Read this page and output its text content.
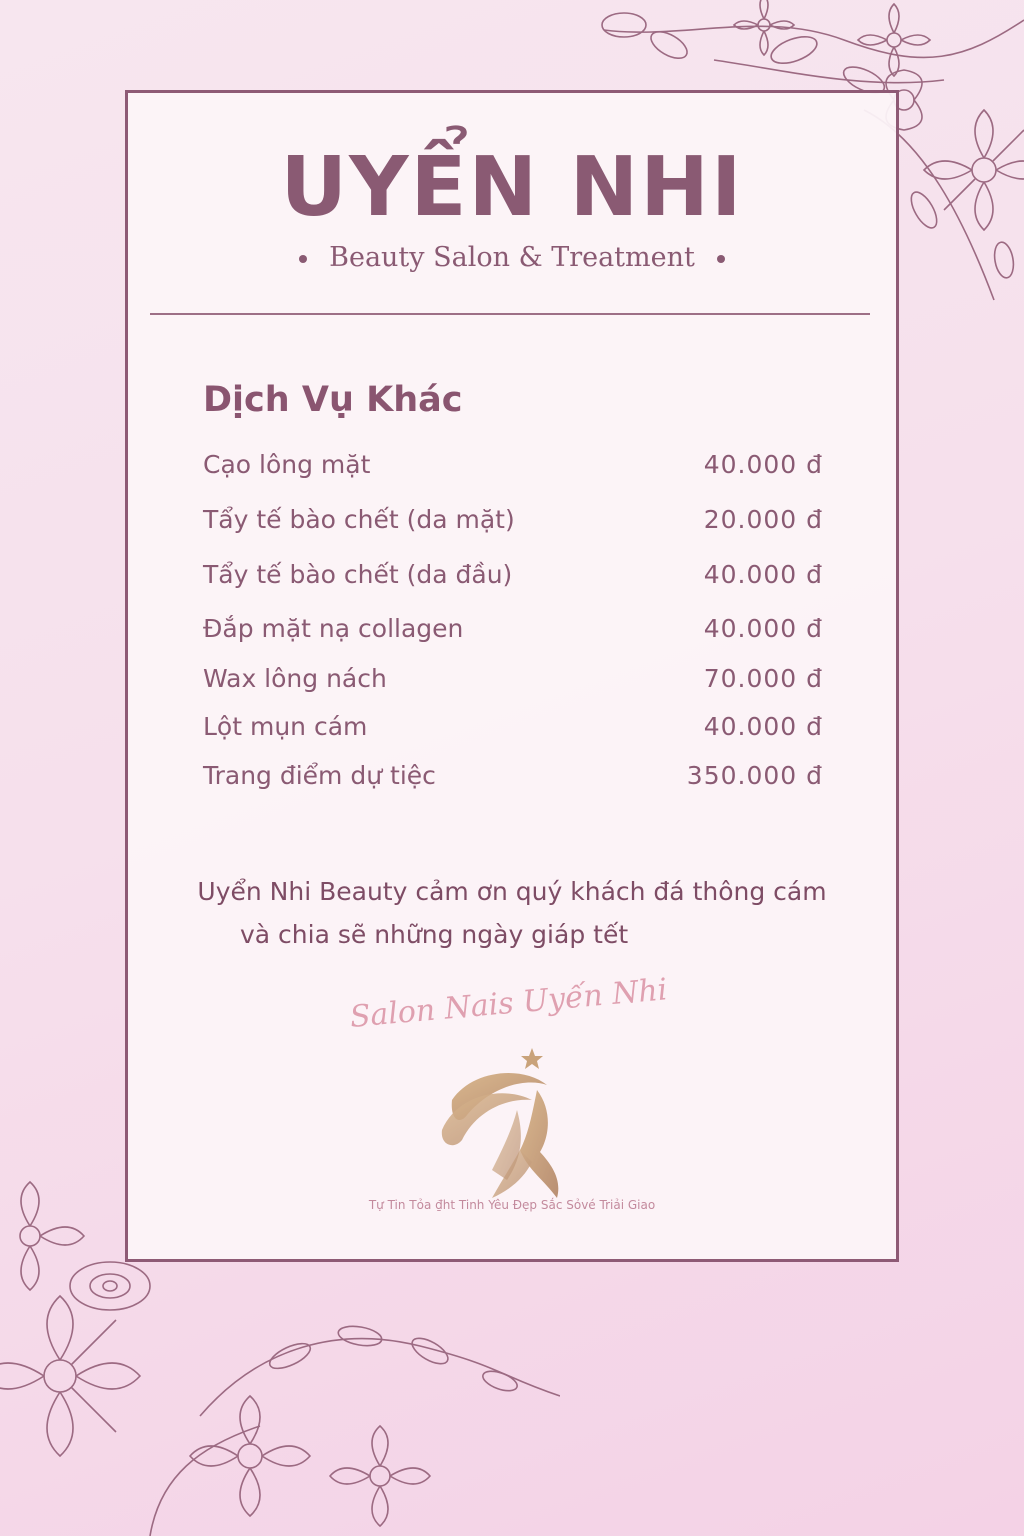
UYỂN NHI
Beauty Salon & Treatment
Dịch Vụ Khác
Cạo lông mặt	40.000 đ
Tẩy tế bào chết (da mặt)	20.000 đ
Tẩy tế bào chết (da đầu)	40.000 đ
Đắp mặt nạ collagen	40.000 đ
Wax lông nách	70.000 đ
Lột mụn cám	40.000 đ
Trang điểm dự tiệc	350.000 đ
Uyển Nhi Beauty cảm ơn quý khách đá thông cám
và chia sẽ những ngày giáp tết
Salon Nais Uyến Nhi
Tự Tin Tỏa ₫ht Tinh Yêu Đẹp Sắc Sỏvé Triải Giao
